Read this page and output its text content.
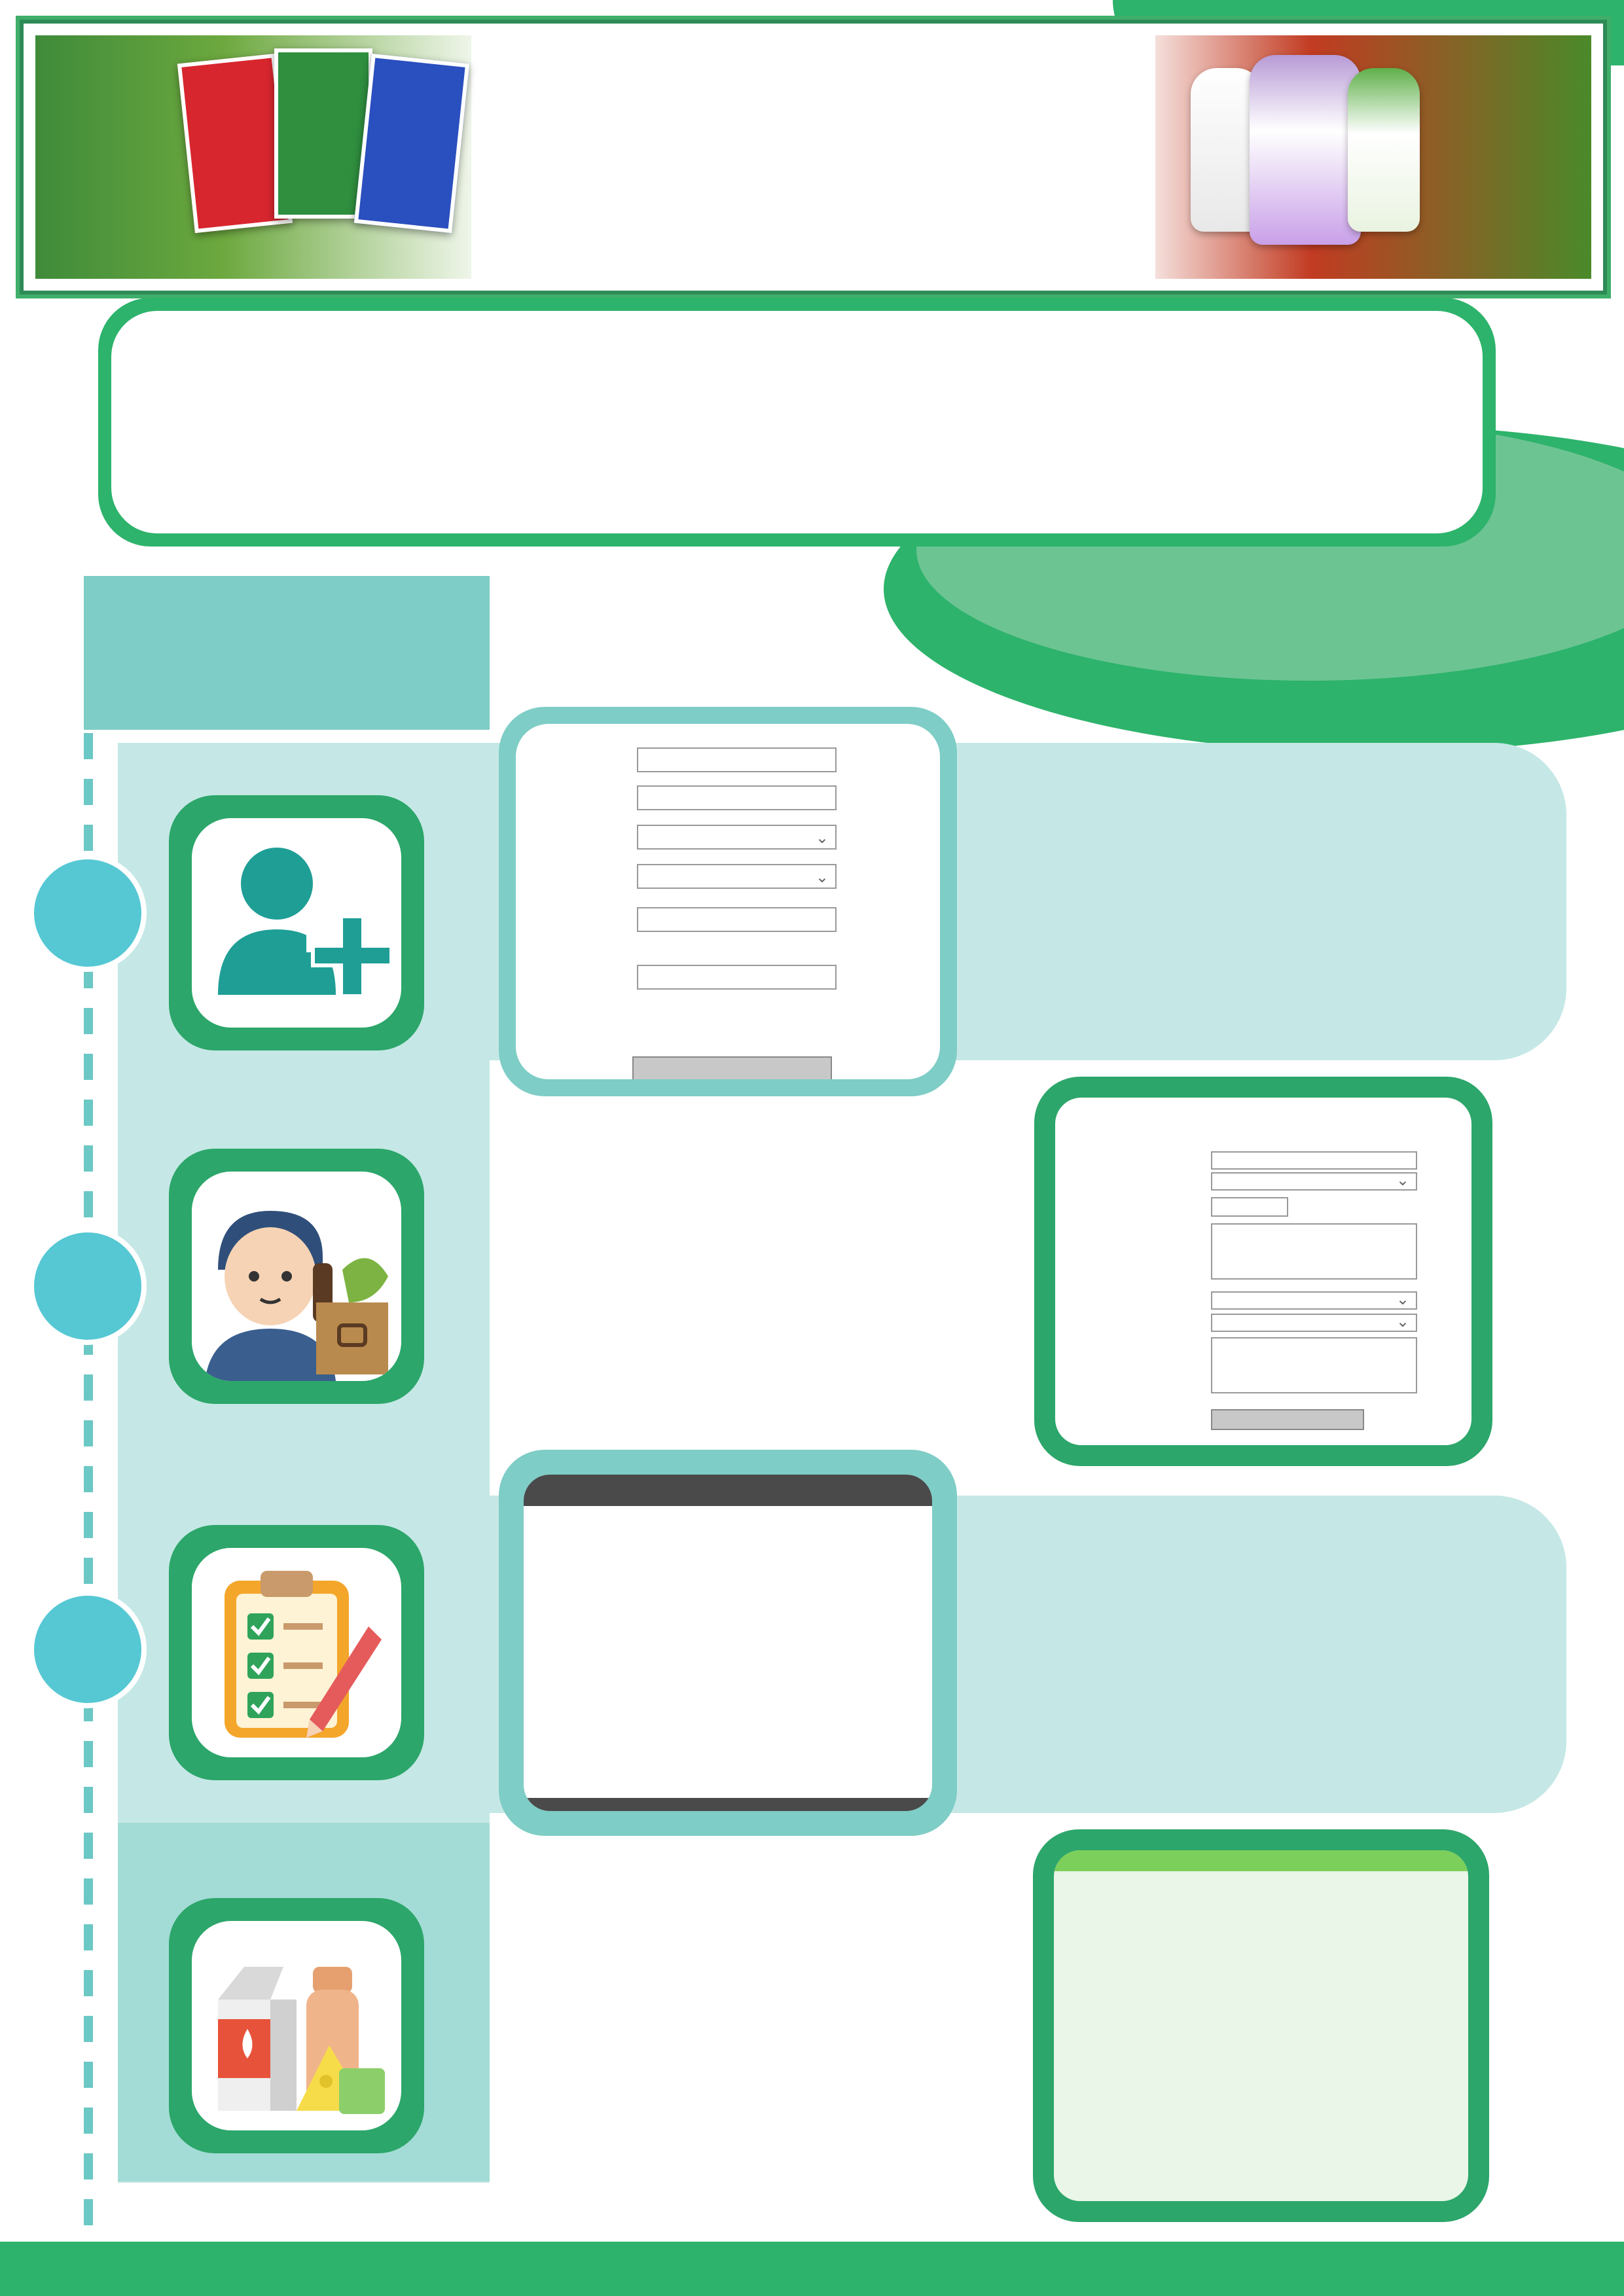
⌄
⌄
⌄
⌄
⌄
